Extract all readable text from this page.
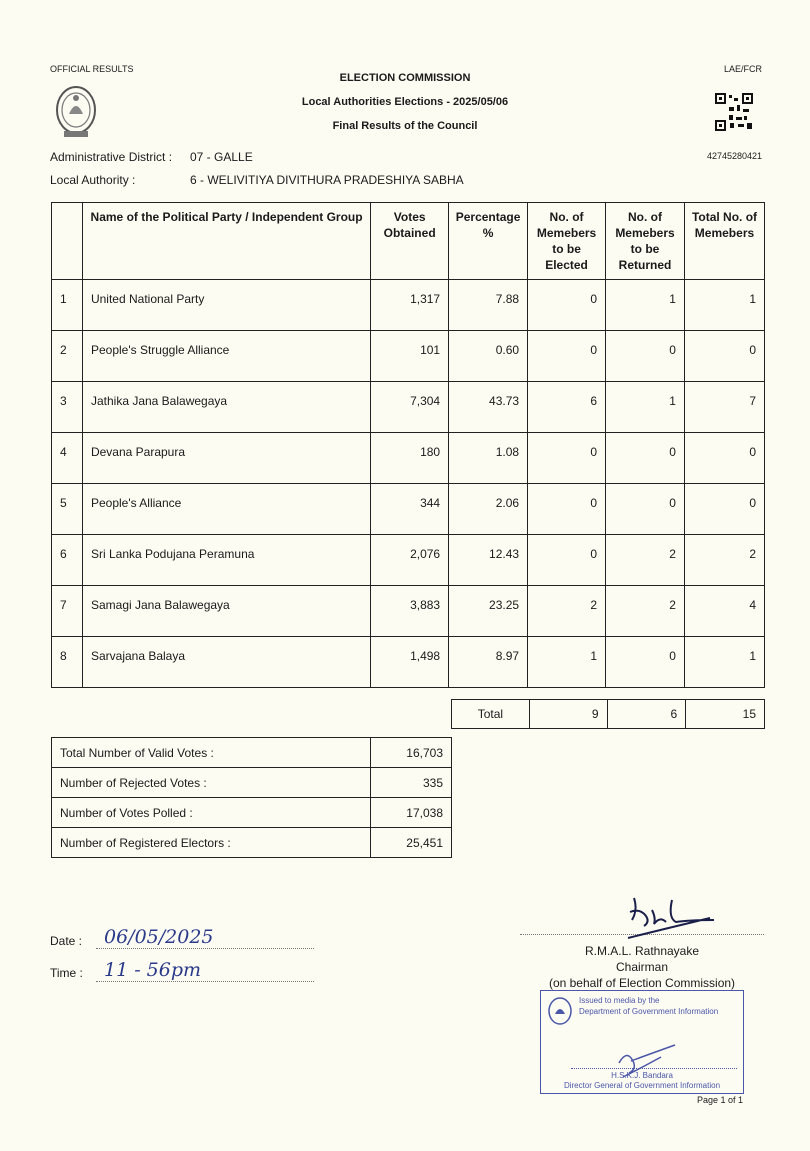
OFFICIAL RESULTS	LAE/FCR
ELECTION COMMISSION
Local Authorities Elections - 2025/05/06
Final Results of the Council
42745280421
Administrative District : 07 - GALLE
Local Authority :	6 - WELIVITIYA DIVITHURA PRADESHIYA SABHA
	Name of the Political Party / Independent Group	Votes Obtained	Percentage %	No. of Memebers to be Elected	No. of Memebers to be Returned	Total No. of Memebers
1	United National Party	1,317	7.88	0	1	1
2	People's Struggle Alliance	101	0.60	0	0	0
3	Jathika Jana Balawegaya	7,304	43.73	6	1	7
4	Devana Parapura	180	1.08	0	0	0
5	People's Alliance	344	2.06	0	0	0
6	Sri Lanka Podujana Peramuna	2,076	12.43	0	2	2
7	Samagi Jana Balawegaya	3,883	23.25	2	2	4
8	Sarvajana Balaya	1,498	8.97	1	0	1
Total	9	6	15
Total Number of Valid Votes :	16,703
Number of Rejected Votes :	335
Number of Votes Polled :	17,038
Number of Registered Electors :	25,451
Date : 06/05/2025
Time : 11 - 56pm
R.M.A.L. Rathnayake
Chairman
(on behalf of Election Commission)
Issued to media by the
Department of Government Information
H.S.K.J. Bandara
Director General of Government Information
Page 1 of 1
